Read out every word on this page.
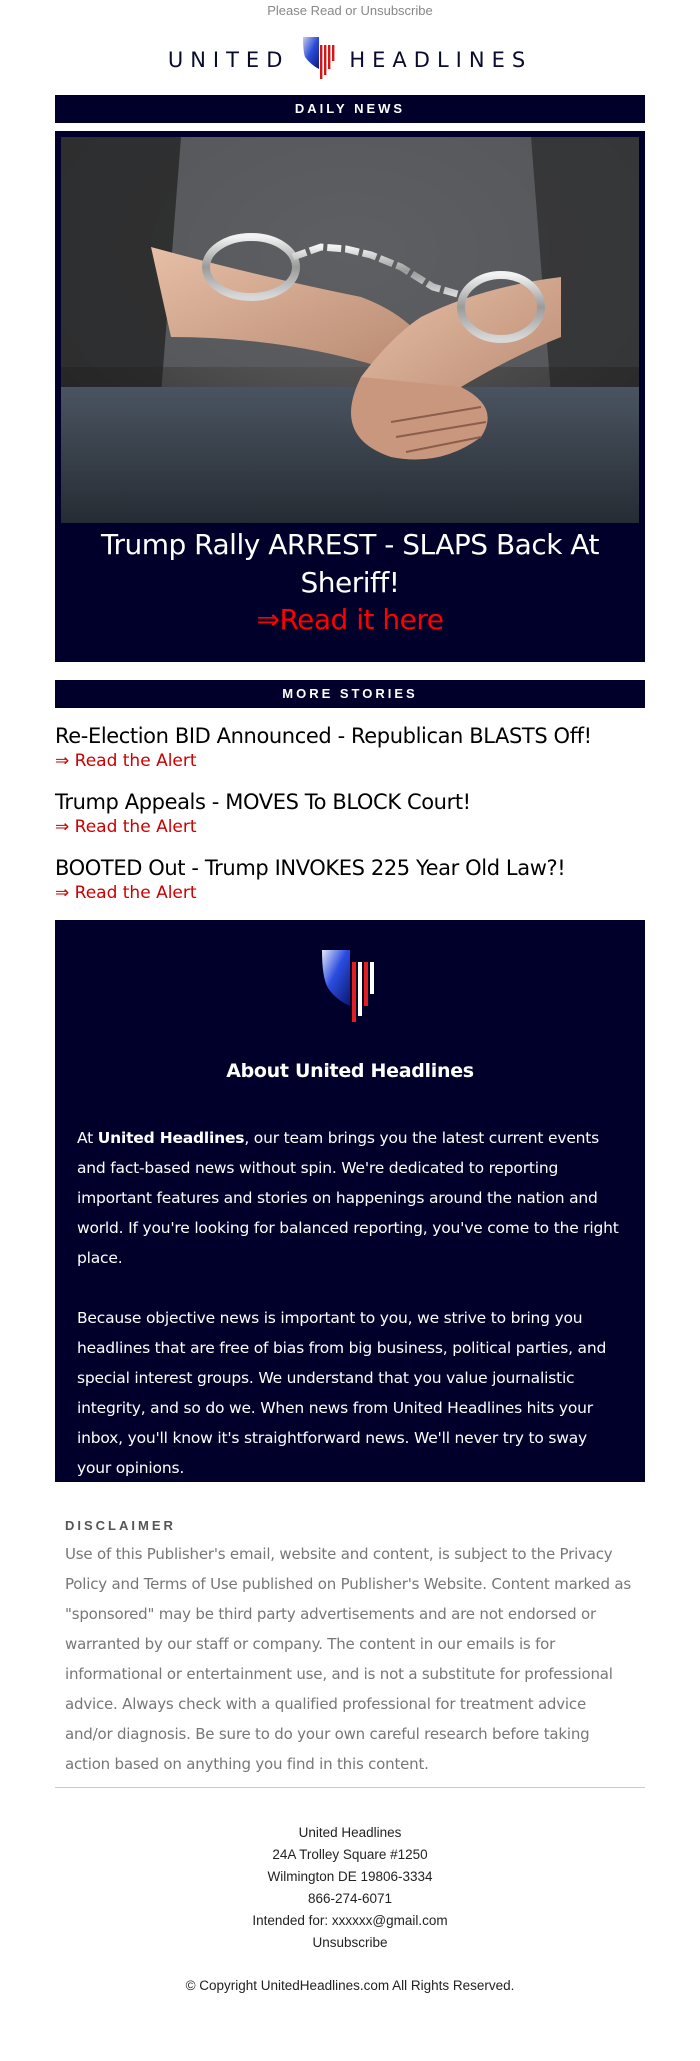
Please Read or Unsubscribe
UNITED	HEADLINES
DAILY NEWS
Trump Rally ARREST - SLAPS Back At Sheriff!
⇒Read it here
MORE STORIES
Re-Election BID Announced - Republican BLASTS Off!
⇒ Read the Alert
Trump Appeals - MOVES To BLOCK Court!
⇒ Read the Alert
BOOTED Out - Trump INVOKES 225 Year Old Law?!
⇒ Read the Alert
About United Headlines

At United Headlines, our team brings you the latest current events and fact-based news without spin. We're dedicated to reporting important features and stories on happenings around the nation and world. If you're looking for balanced reporting, you've come to the right place.

Because objective news is important to you, we strive to bring you headlines that are free of bias from big business, political parties, and special interest groups. We understand that you value journalistic integrity, and so do we. When news from United Headlines hits your inbox, you'll know it's straightforward news. We'll never try to sway your opinions.

DISCLAIMER
Use of this Publisher's email, website and content, is subject to the Privacy Policy and Terms of Use published on Publisher's Website. Content marked as "sponsored" may be third party advertisements and are not endorsed or warranted by our staff or company. The content in our emails is for informational or entertainment use, and is not a substitute for professional advice. Always check with a qualified professional for treatment advice and/or diagnosis. Be sure to do your own careful research before taking action based on anything you find in this content.
United Headlines
24A Trolley Square #1250
Wilmington DE 19806-3334
866-274-6071
Intended for: xxxxxx@gmail.com
Unsubscribe
© Copyright UnitedHeadlines.com All Rights Reserved.
